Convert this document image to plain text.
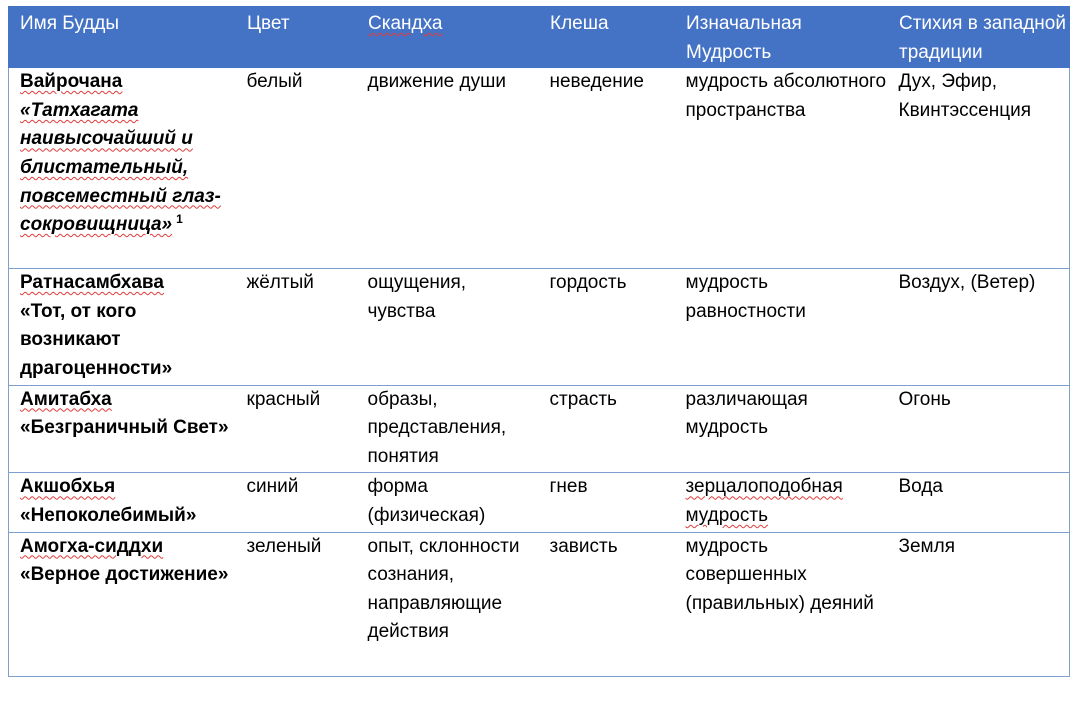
Имя Будды	Цвет	Скандха	Клеша	Изначальная Мудрость	Стихия в западной традиции

Вайрочана
«Татхагата наивысочайший и блистательный, повсеместный глаз-сокровищница» $^1$	белый	движение души	неведение	мудрость абсолютного пространства	Дух, Эфир, Квинтэссенция

Ратнасамбхава
«Тот, от кого возникают драгоценности»	жёлтый	ощущения, чувства	гордость	мудрость равностности	Воздух, (Ветер)

Амитабха
«Безграничный Свет»	красный	образы, представления, понятия	страсть	различающая мудрость	Огонь

Акшобхья
«Непоколебимый»	синий	форма (физическая)	гнев	зерцалоподобная мудрость	Вода

Амогха-сиддхи
«Верное достижение»	зеленый	опыт, склонности сознания, направляющие действия	зависть	мудрость совершенных (правильных) деяний	Земля
